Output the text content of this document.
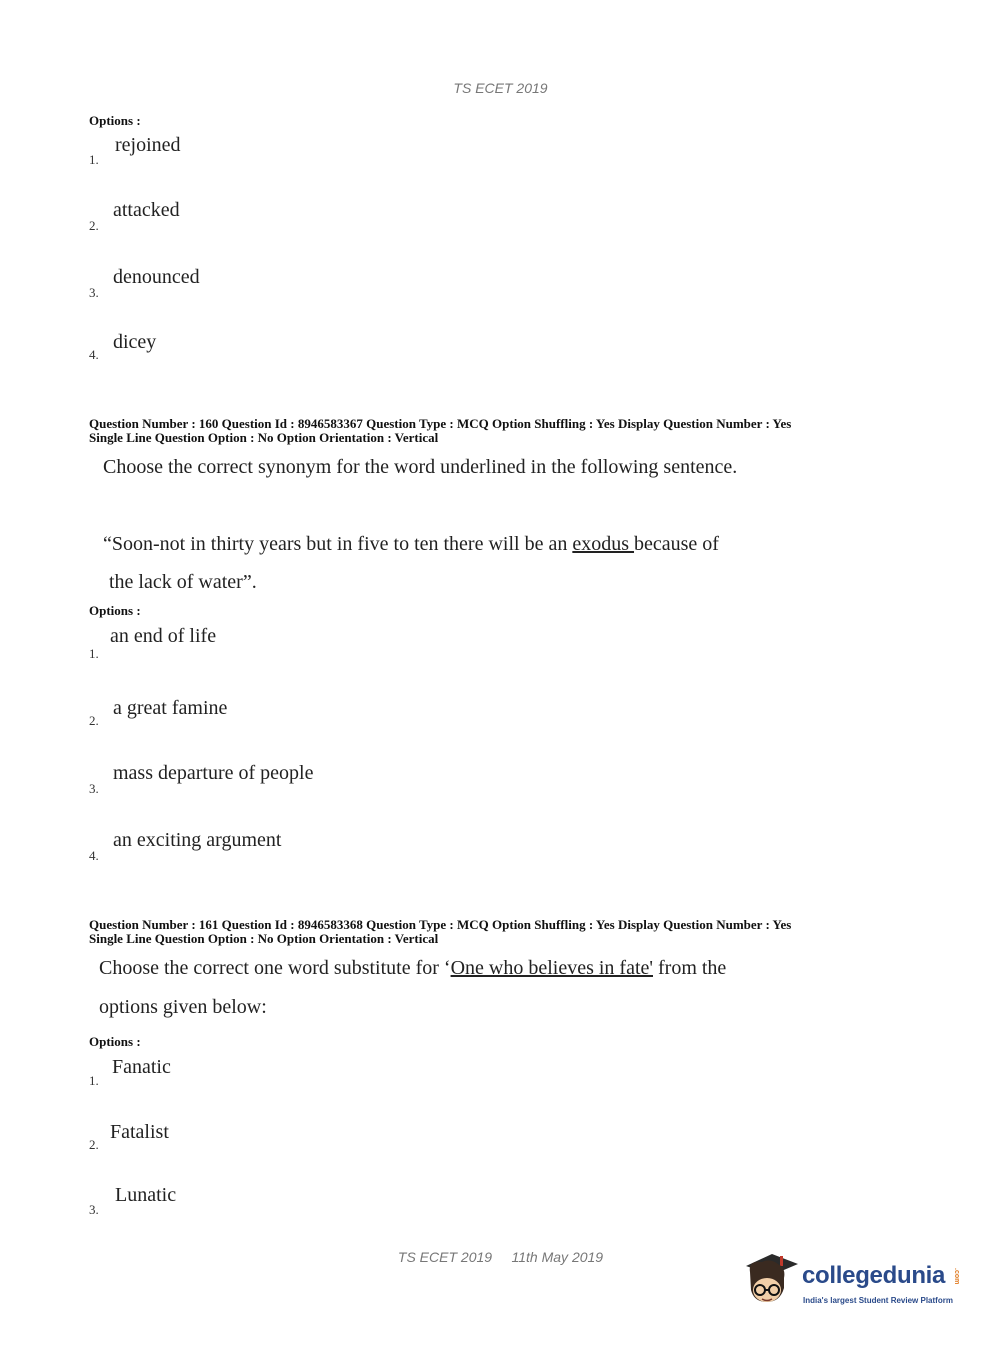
TS ECET 2019
Options :
1.
rejoined
2.
attacked
3.
denounced
4.
dicey
Question Number : 160 Question Id : 8946583367 Question Type : MCQ Option Shuffling : Yes Display Question Number : Yes
Single Line Question Option : No Option Orientation : Vertical
Choose the correct synonym for the word underlined in the following sentence.
“Soon-not in thirty years but in five to ten there will be an exodus because of
the lack of water”.
Options :
1.
an end of life
2.
a great famine
3.
mass departure of people
4.
an exciting argument
Question Number : 161 Question Id : 8946583368 Question Type : MCQ Option Shuffling : Yes Display Question Number : Yes
Single Line Question Option : No Option Orientation : Vertical
Choose the correct one word substitute for ‘One who believes in fate' from the
options given below:
Options :
1.
Fanatic
2.
Fatalist
3.
Lunatic
TS ECET 2019     11th May 2019
collegedunia .com
India's largest Student Review Platform
